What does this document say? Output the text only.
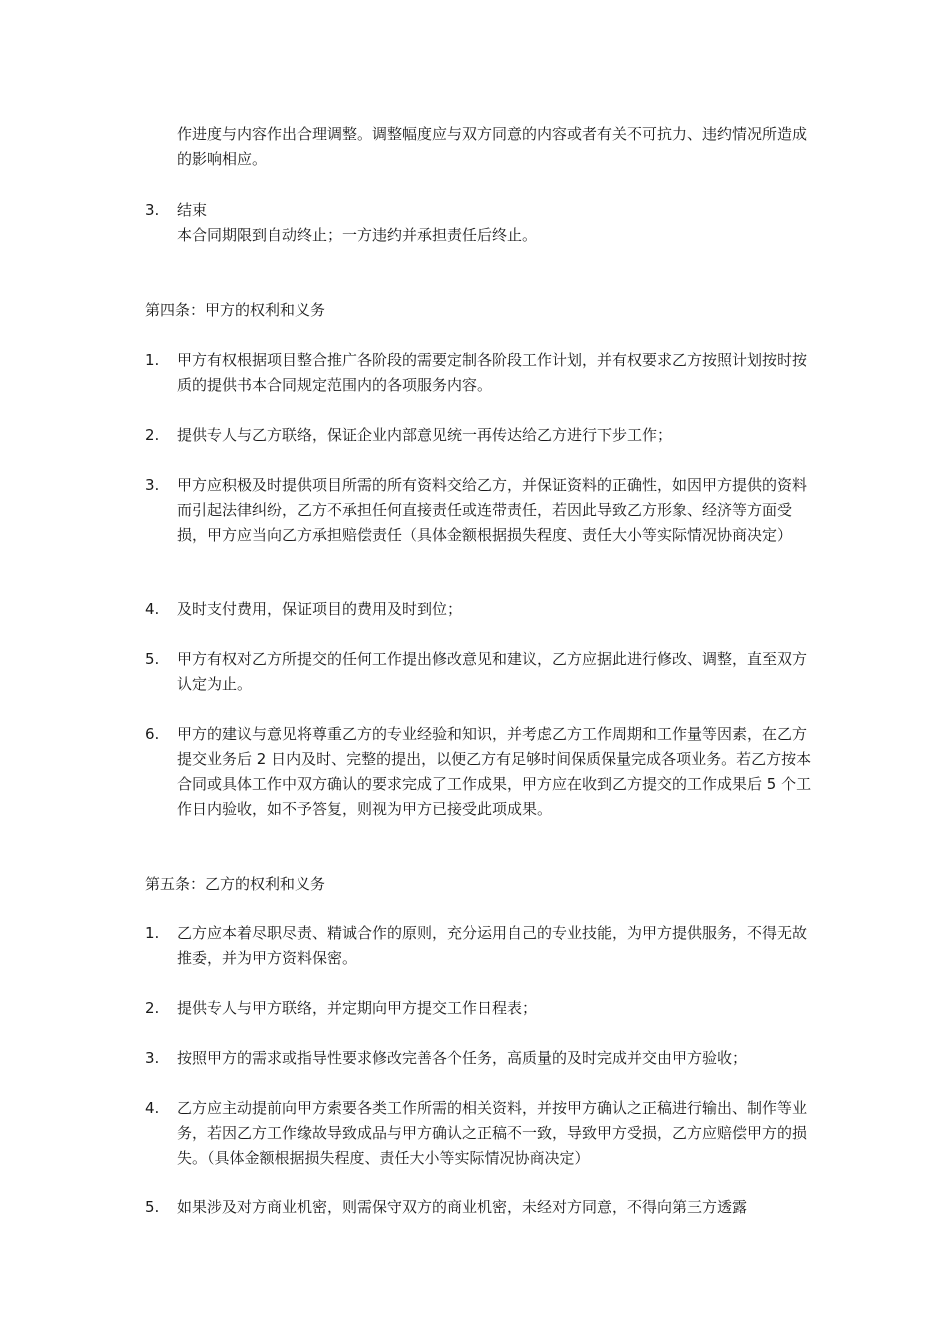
作进度与内容作出合理调整。调整幅度应与双方同意的内容或者有关不可抗力、违约情况所造成的影响相应。
3.	结束
本合同期限到自动终止；一方违约并承担责任后终止。
第四条：甲方的权利和义务
1.	甲方有权根据项目整合推广各阶段的需要定制各阶段工作计划，并有权要求乙方按照计划按时按质的提供书本合同规定范围内的各项服务内容。
2.	提供专人与乙方联络，保证企业内部意见统一再传达给乙方进行下步工作；
3.	甲方应积极及时提供项目所需的所有资料交给乙方，并保证资料的正确性，如因甲方提供的资料而引起法律纠纷，乙方不承担任何直接责任或连带责任，若因此导致乙方形象、经济等方面受损，甲方应当向乙方承担赔偿责任（具体金额根据损失程度、责任大小等实际情况协商决定）
4.	及时支付费用，保证项目的费用及时到位；
5.	甲方有权对乙方所提交的任何工作提出修改意见和建议，乙方应据此进行修改、调整，直至双方认定为止。
6.	甲方的建议与意见将尊重乙方的专业经验和知识，并考虑乙方工作周期和工作量等因素，在乙方提交业务后 2 日内及时、完整的提出，以便乙方有足够时间保质保量完成各项业务。若乙方按本合同或具体工作中双方确认的要求完成了工作成果，甲方应在收到乙方提交的工作成果后 5 个工作日内验收，如不予答复，则视为甲方已接受此项成果。
第五条：乙方的权利和义务
1.	乙方应本着尽职尽责、精诚合作的原则，充分运用自己的专业技能，为甲方提供服务，不得无故推委，并为甲方资料保密。
2.	提供专人与甲方联络，并定期向甲方提交工作日程表；
3.	按照甲方的需求或指导性要求修改完善各个任务，高质量的及时完成并交由甲方验收；
4.	乙方应主动提前向甲方索要各类工作所需的相关资料，并按甲方确认之正稿进行输出、制作等业务，若因乙方工作缘故导致成品与甲方确认之正稿不一致，导致甲方受损，乙方应赔偿甲方的损失。（具体金额根据损失程度、责任大小等实际情况协商决定）
5.	如果涉及对方商业机密，则需保守双方的商业机密，未经对方同意，不得向第三方透露
